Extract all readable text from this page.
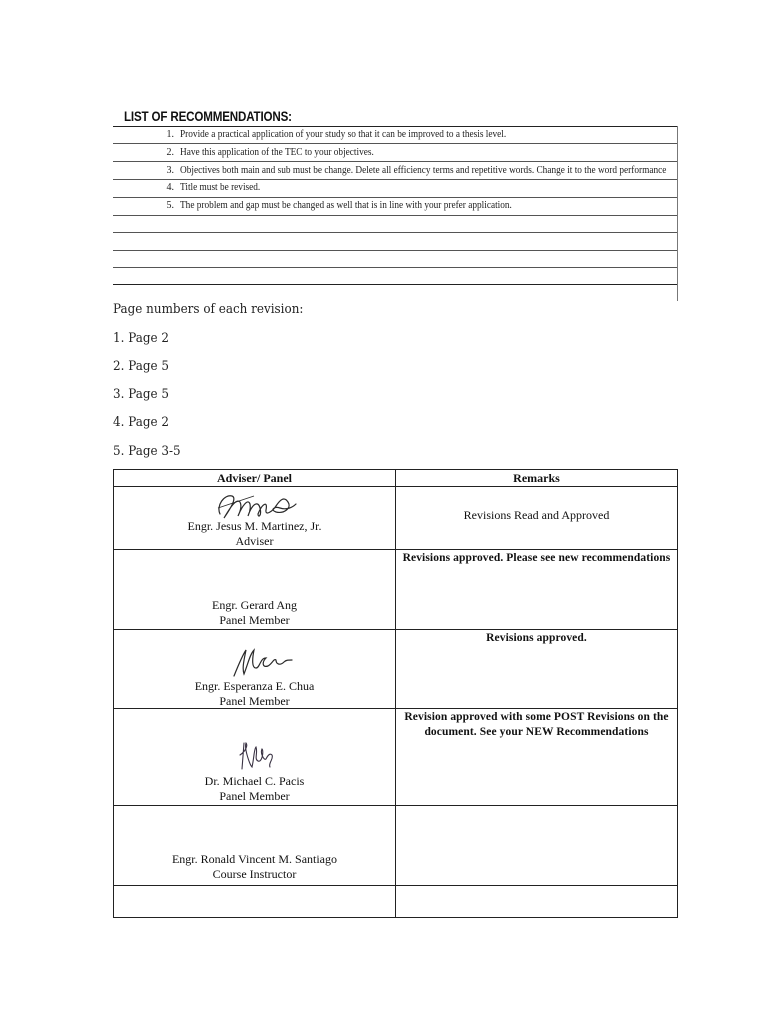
LIST OF RECOMMENDATIONS:
1. Provide a practical application of your study so that it can be improved to a thesis level.
2. Have this application of the TEC to your objectives.
3. Objectives both main and sub must be change. Delete all efficiency terms and repetitive words. Change it to the word performance
4. Title must be revised.
5. The problem and gap must be changed as well that is in line with your prefer application.
Page numbers of each revision:
1. Page 2
2. Page 5
3. Page 5
4. Page 2
5. Page 3-5
Adviser/ Panel	Remarks

Engr. Jesus M. Martinez, Jr.
Adviser	Revisions Read and Approved

Engr. Gerard Ang
Panel Member	Revisions approved. Please see new recommendations

Engr. Esperanza E. Chua
Panel Member	Revisions approved.

Dr. Michael C. Pacis
Panel Member	Revision approved with some POST Revisions on the document. See your NEW Recommendations

Engr. Ronald Vincent M. Santiago
Course Instructor	
